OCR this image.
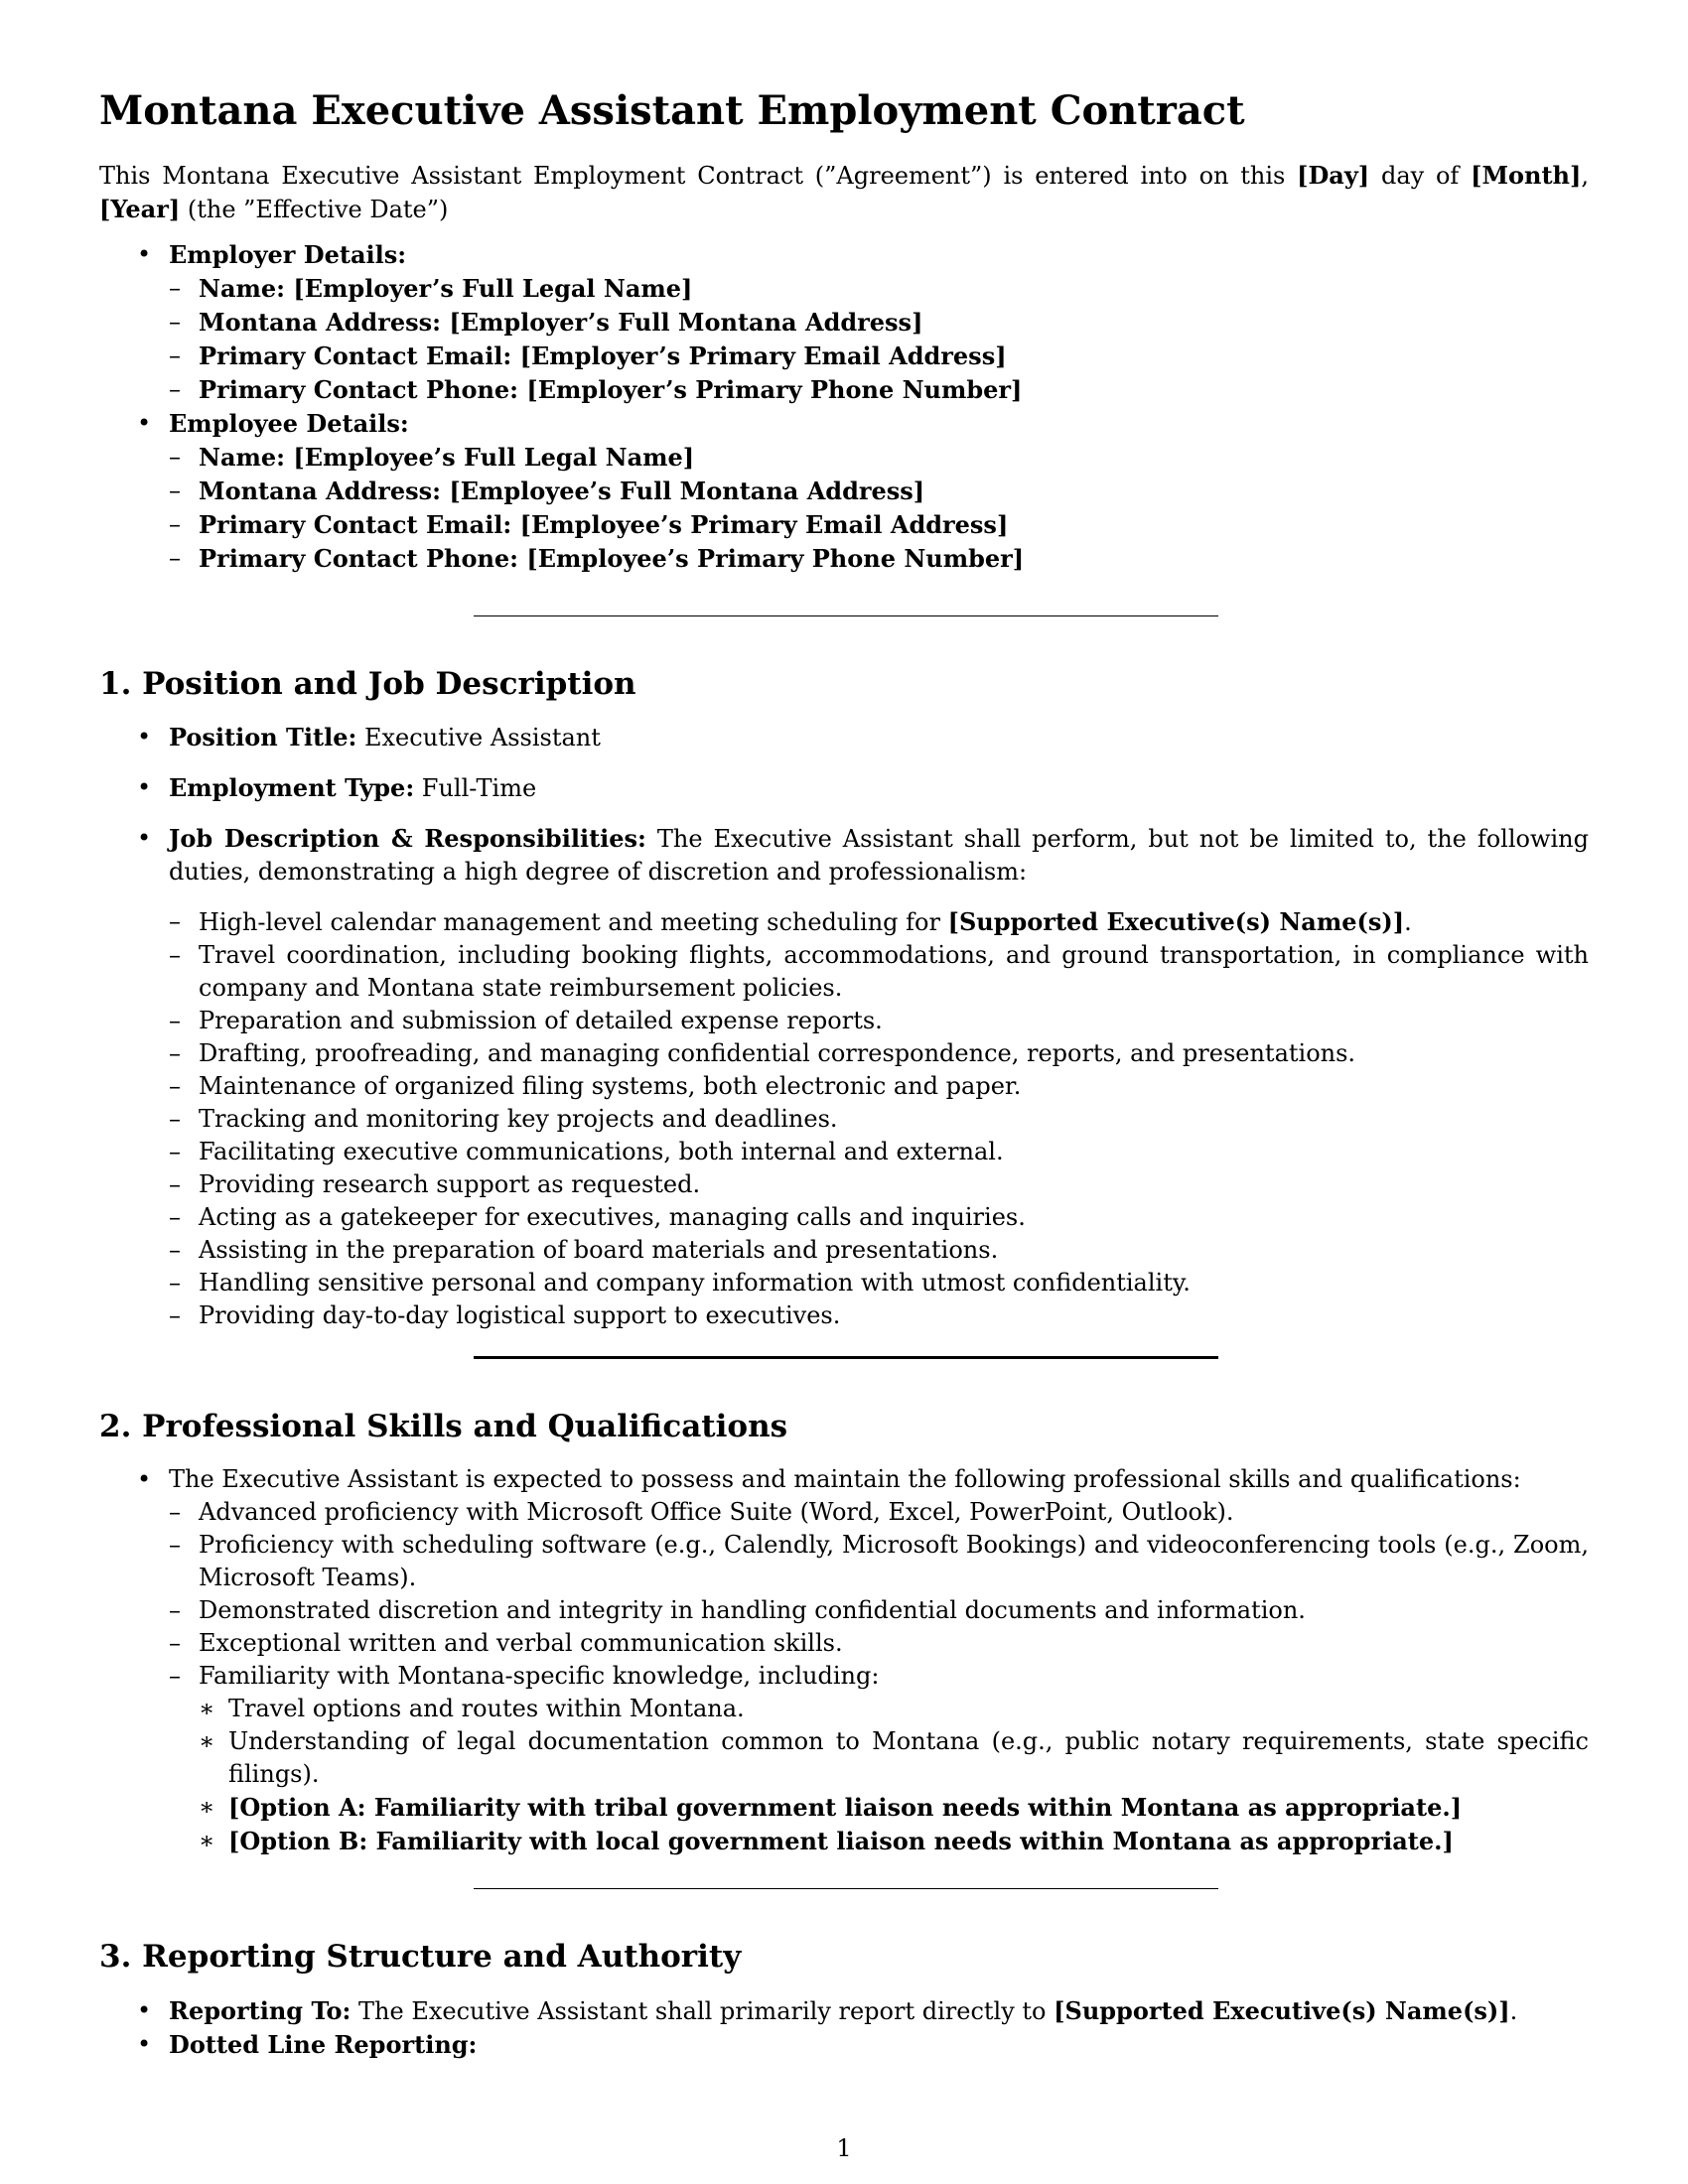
Montana Executive Assistant Employment Contract

This Montana Executive Assistant Employment Contract (”Agreement”) is entered into on this [Day] day of [Month], [Year] (the ”Effective Date”)

• Employer Details:
– Name: [Employer’s Full Legal Name]
– Montana Address: [Employer’s Full Montana Address]
– Primary Contact Email: [Employer’s Primary Email Address]
– Primary Contact Phone: [Employer’s Primary Phone Number]
• Employee Details:
– Name: [Employee’s Full Legal Name]
– Montana Address: [Employee’s Full Montana Address]
– Primary Contact Email: [Employee’s Primary Email Address]
– Primary Contact Phone: [Employee’s Primary Phone Number]
1. Position and Job Description
• Position Title: Executive Assistant
• Employment Type: Full-Time
• Job Description & Responsibilities: The Executive Assistant shall perform, but not be limited to, the following duties, demonstrating a high degree of discretion and professionalism:
– High-level calendar management and meeting scheduling for [Supported Executive(s) Name(s)].
– Travel coordination, including booking flights, accommodations, and ground transportation, in compliance with company and Montana state reimbursement policies.
– Preparation and submission of detailed expense reports.
– Drafting, proofreading, and managing confidential correspondence, reports, and presentations.
– Maintenance of organized filing systems, both electronic and paper.
– Tracking and monitoring key projects and deadlines.
– Facilitating executive communications, both internal and external.
– Providing research support as requested.
– Acting as a gatekeeper for executives, managing calls and inquiries.
– Assisting in the preparation of board materials and presentations.
– Handling sensitive personal and company information with utmost confidentiality.
– Providing day-to-day logistical support to executives.
2. Professional Skills and Qualifications
• The Executive Assistant is expected to possess and maintain the following professional skills and qualifications:
– Advanced proficiency with Microsoft Office Suite (Word, Excel, PowerPoint, Outlook).
– Proficiency with scheduling software (e.g., Calendly, Microsoft Bookings) and videoconferencing tools (e.g., Zoom, Microsoft Teams).
– Demonstrated discretion and integrity in handling confidential documents and information.
– Exceptional written and verbal communication skills.
– Familiarity with Montana-specific knowledge, including:
∗ Travel options and routes within Montana.
∗ Understanding of legal documentation common to Montana (e.g., public notary requirements, state specific filings).
∗ [Option A: Familiarity with tribal government liaison needs within Montana as appropriate.]
∗ [Option B: Familiarity with local government liaison needs within Montana as appropriate.]
3. Reporting Structure and Authority
• Reporting To: The Executive Assistant shall primarily report directly to [Supported Executive(s) Name(s)].
• Dotted Line Reporting:
1
